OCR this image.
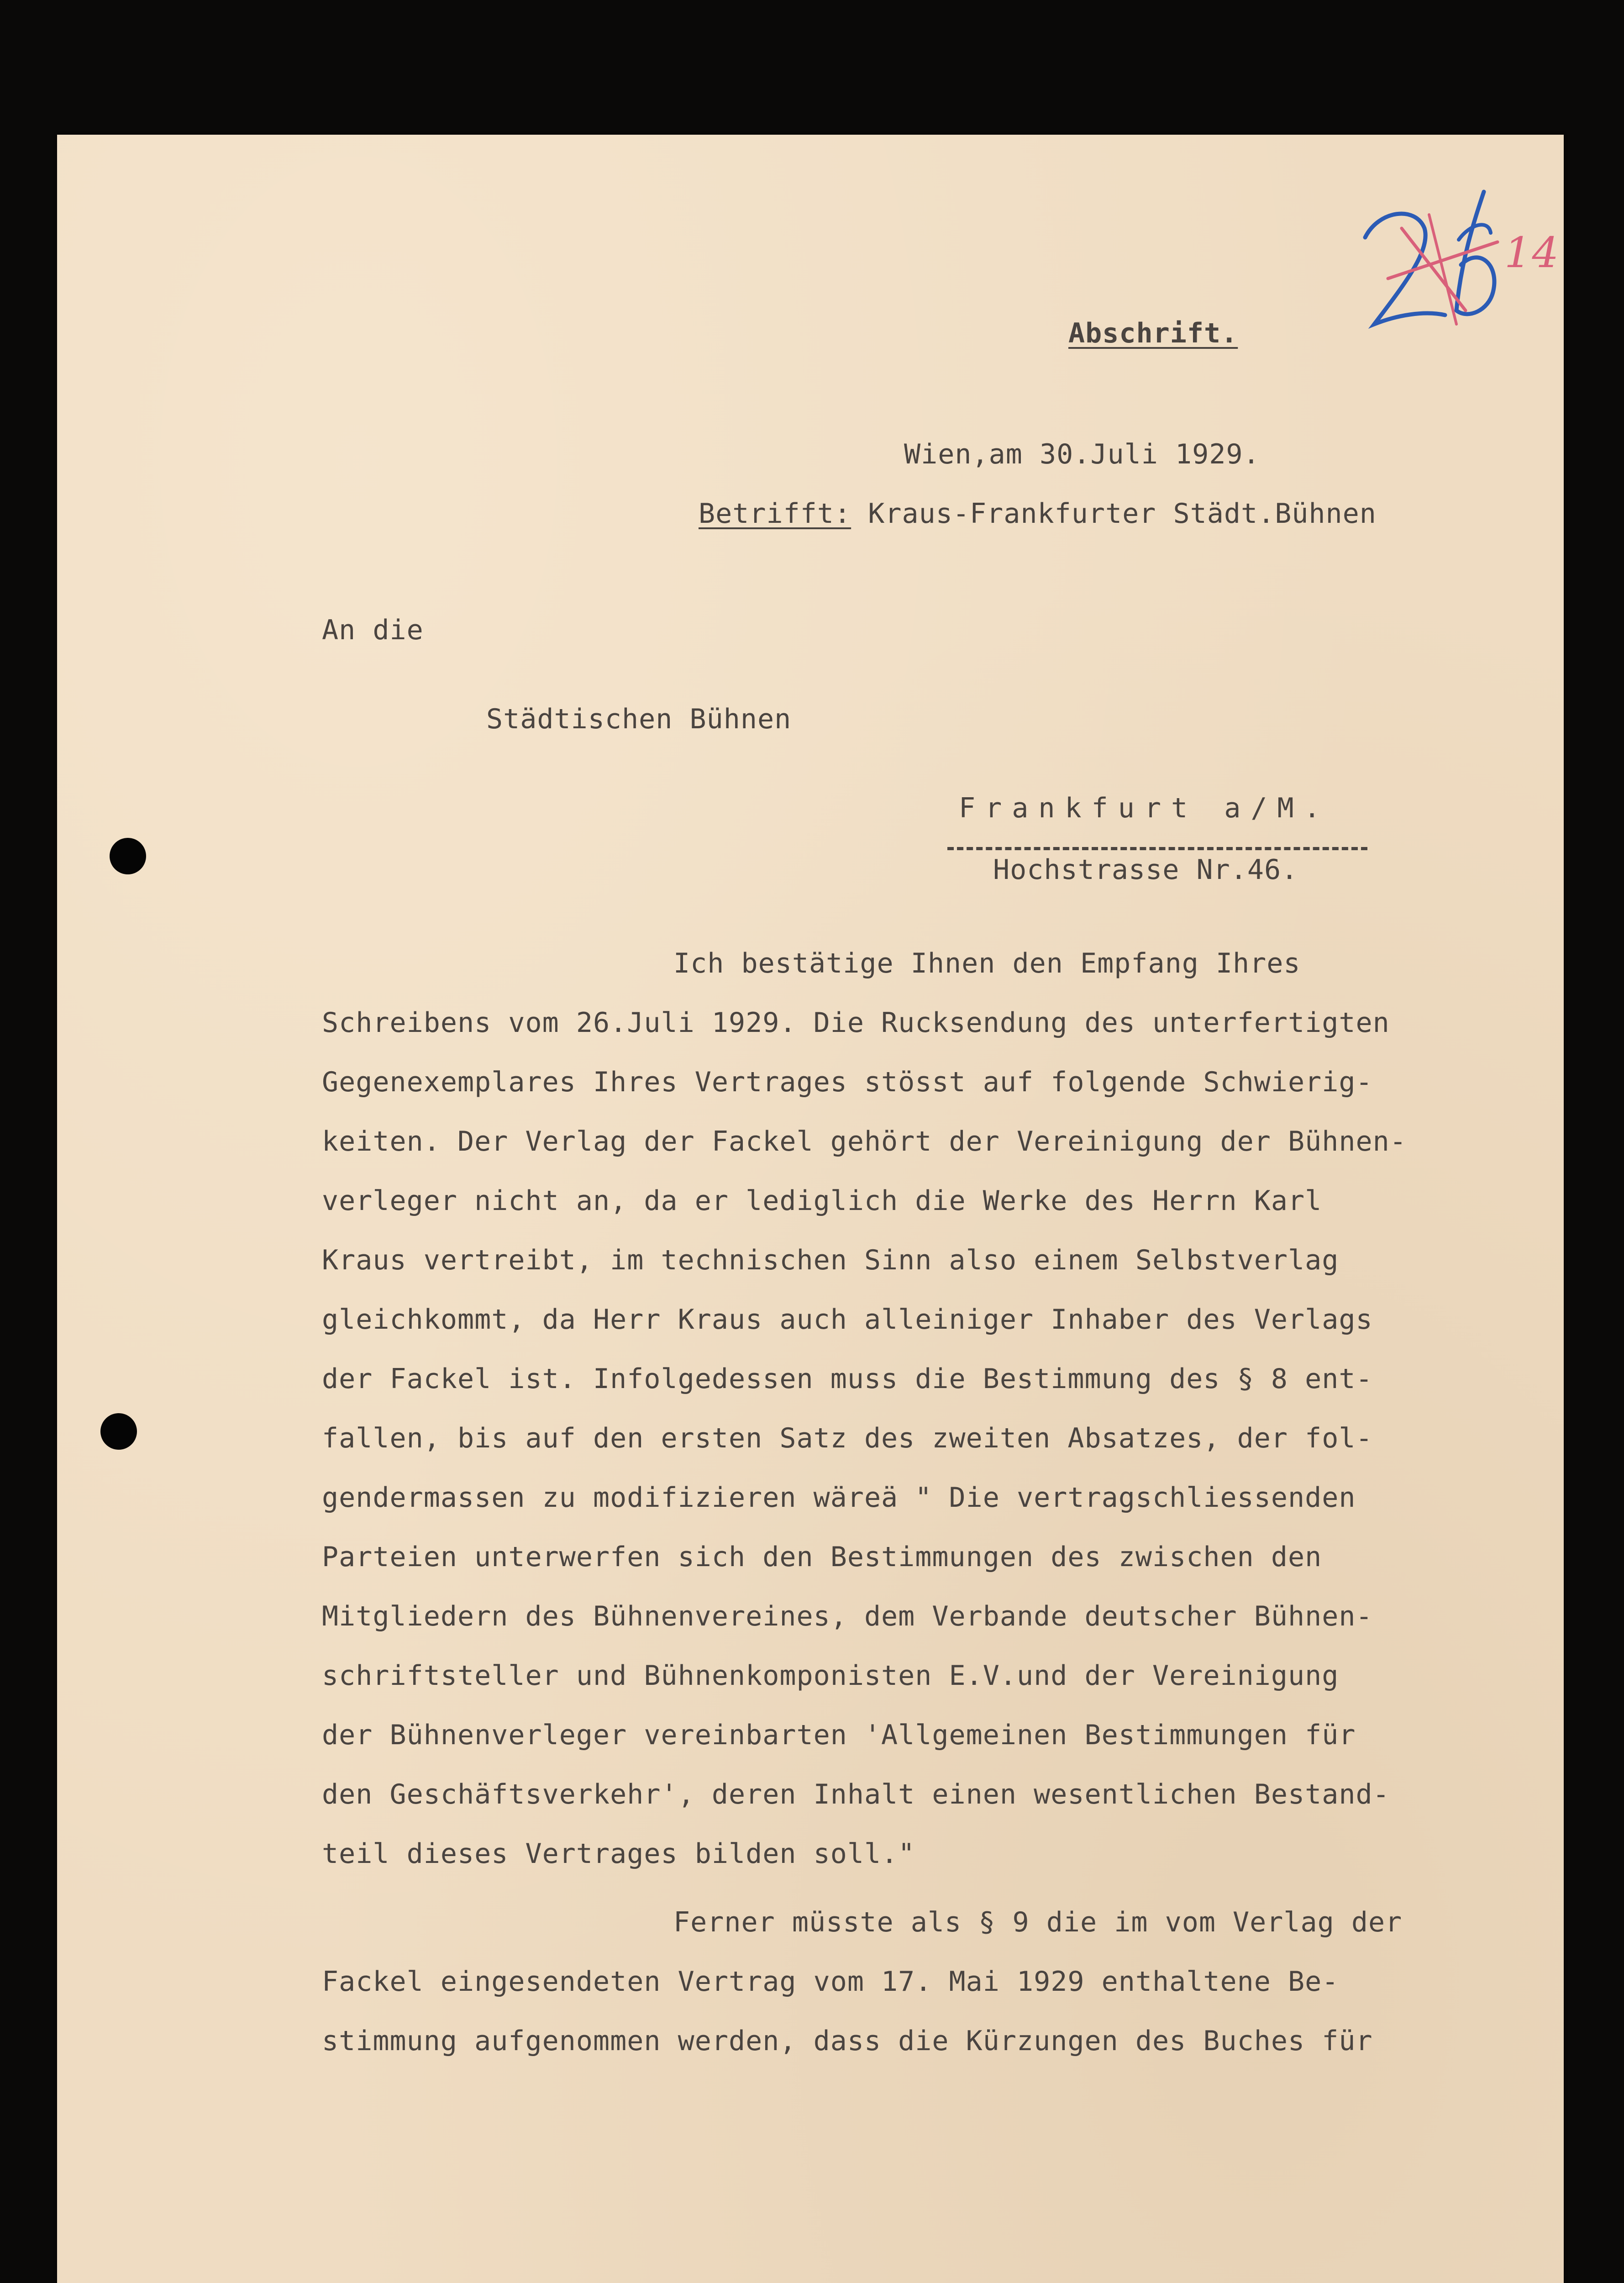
14

Abschrift.

Wien,am 30.Juli 1929.

Betrifft: Kraus-Frankfurter Städt.Bühnen

An die

Städtischen Bühnen

Frankfurt a/M.

Hochstrasse Nr.46.

Ich bestätige Ihnen den Empfang Ihres

Schreibens vom 26.Juli 1929. Die Rucksendung des unterfertigten

Gegenexemplares Ihres Vertrages stösst auf folgende Schwierig-

keiten. Der Verlag der Fackel gehört der Vereinigung der Bühnen-

verleger nicht an, da er lediglich die Werke des Herrn Karl

Kraus vertreibt, im technischen Sinn also einem Selbstverlag

gleichkommt, da Herr Kraus auch alleiniger Inhaber des Verlags

der Fackel ist. Infolgedessen muss die Bestimmung des § 8 ent-

fallen, bis auf den ersten Satz des zweiten Absatzes, der fol-

gendermassen zu modifizieren wäreä " Die vertragschliessenden

Parteien unterwerfen sich den Bestimmungen des zwischen den

Mitgliedern des Bühnenvereines, dem Verbande deutscher Bühnen-

schriftsteller und Bühnenkomponisten E.V.und der Vereinigung

der Bühnenverleger vereinbarten 'Allgemeinen Bestimmungen für

den Geschäftsverkehr', deren Inhalt einen wesentlichen Bestand-

teil dieses Vertrages bilden soll."

Ferner müsste als § 9 die im vom Verlag der

Fackel eingesendeten Vertrag vom 17. Mai 1929 enthaltene Be-

stimmung aufgenommen werden, dass die Kürzungen des Buches für
